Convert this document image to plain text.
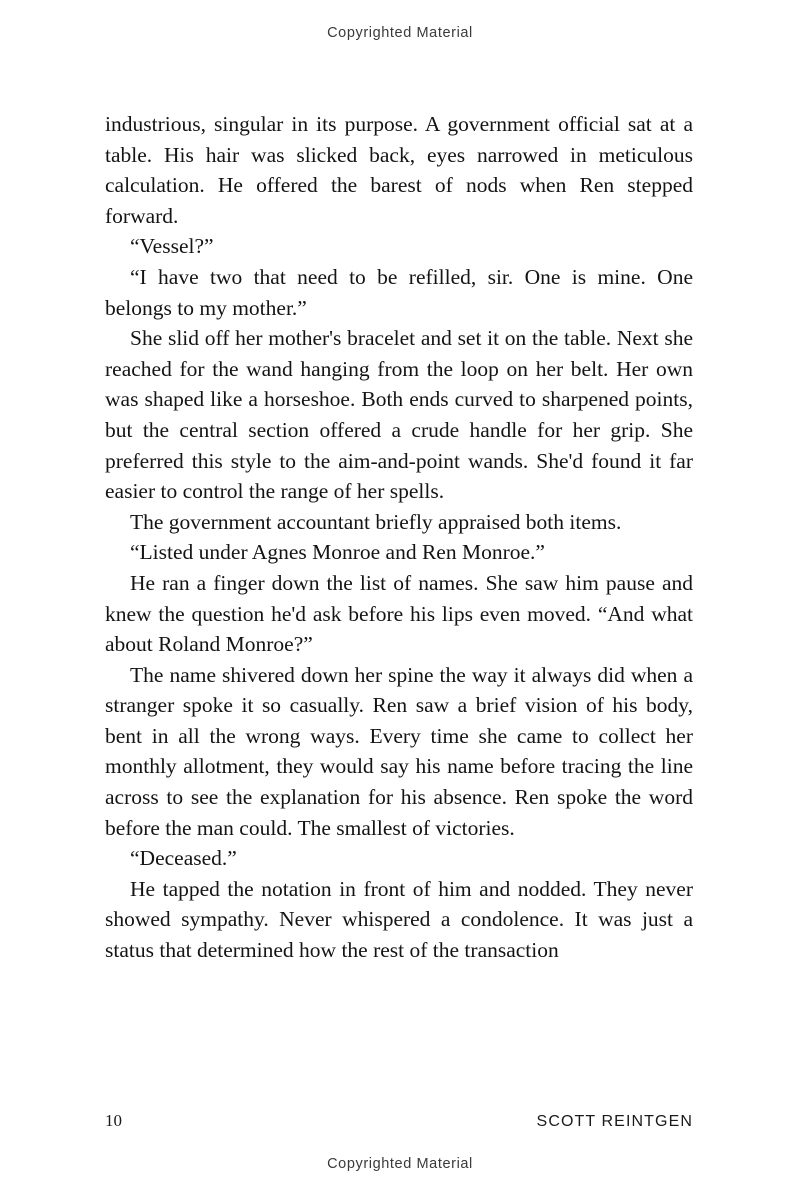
Copyrighted Material

industrious, singular in its purpose. A government official sat at a table. His hair was slicked back, eyes narrowed in meticulous calculation. He offered the barest of nods when Ren stepped forward.

“Vessel?”

“I have two that need to be refilled, sir. One is mine. One belongs to my mother.”

She slid off her mother's bracelet and set it on the table. Next she reached for the wand hanging from the loop on her belt. Her own was shaped like a horseshoe. Both ends curved to sharpened points, but the central section offered a crude handle for her grip. She preferred this style to the aim-and-point wands. She'd found it far easier to control the range of her spells.

The government accountant briefly appraised both items.

“Listed under Agnes Monroe and Ren Monroe.”

He ran a finger down the list of names. She saw him pause and knew the question he'd ask before his lips even moved. “And what about Roland Monroe?”

The name shivered down her spine the way it always did when a stranger spoke it so casually. Ren saw a brief vision of his body, bent in all the wrong ways. Every time she came to collect her monthly allotment, they would say his name before tracing the line across to see the explanation for his absence. Ren spoke the word before the man could. The smallest of victories.

“Deceased.”

He tapped the notation in front of him and nodded. They never showed sympathy. Never whispered a condolence. It was just a status that determined how the rest of the transaction

10	SCOTT REINTGEN
Copyrighted Material
